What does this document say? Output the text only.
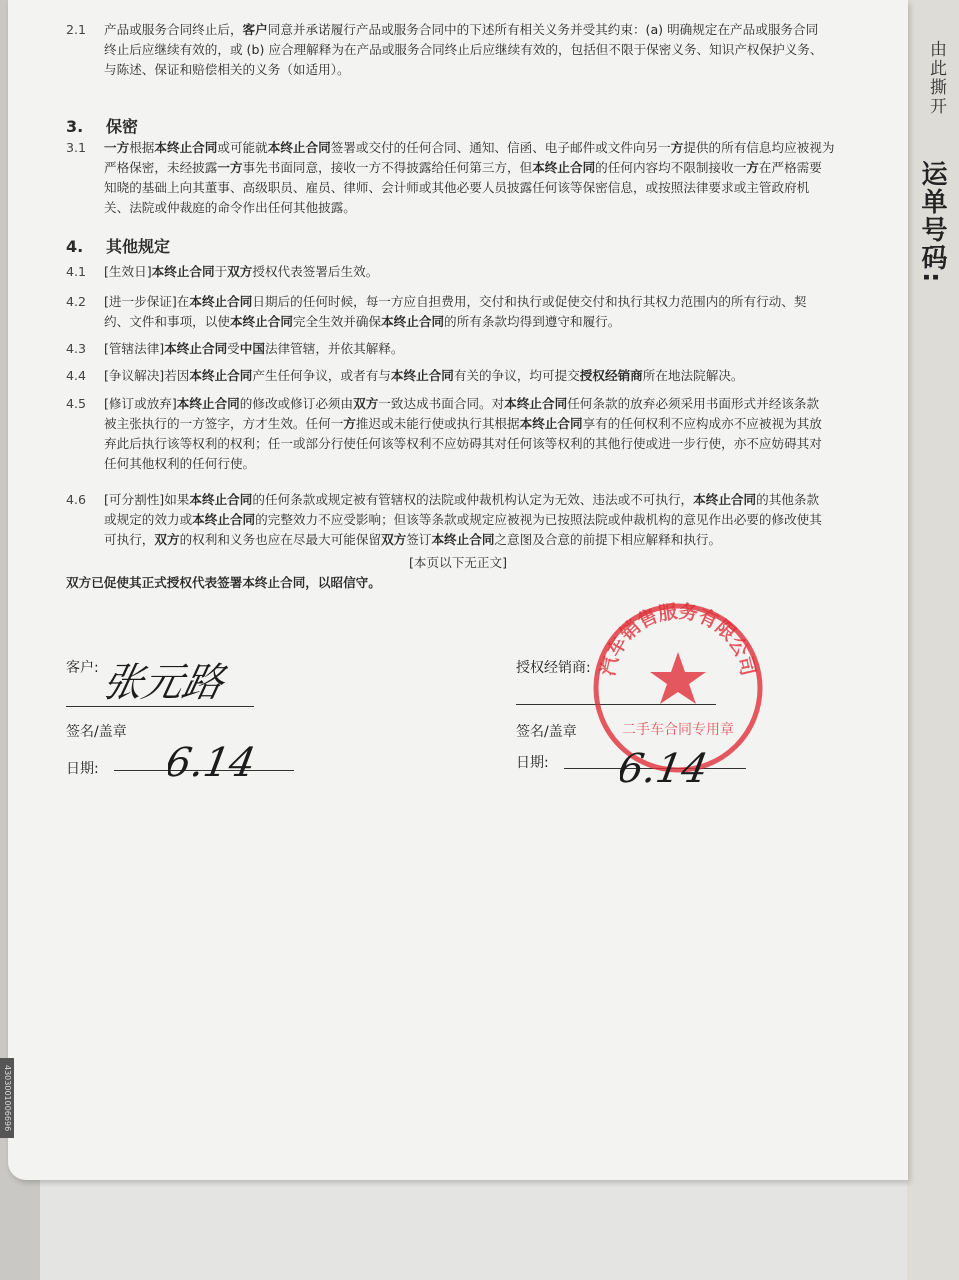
由此撕开
运单号码:
2.1	产品或服务合同终止后，客户同意并承诺履行产品或服务合同中的下述所有相关义务并受其约束：(a) 明确规定在产品或服务合同
终止后应继续有效的，或 (b) 应合理解释为在产品或服务合同终止后应继续有效的，包括但不限于保密义务、知识产权保护义务、
与陈述、保证和赔偿相关的义务（如适用）。
3. 保密
3.1	一方根据本终止合同或可能就本终止合同签署或交付的任何合同、通知、信函、电子邮件或文件向另一方提供的所有信息均应被视为
严格保密，未经披露一方事先书面同意，接收一方不得披露给任何第三方，但本终止合同的任何内容均不限制接收一方在严格需要
知晓的基础上向其董事、高级职员、雇员、律师、会计师或其他必要人员披露任何该等保密信息，或按照法律要求或主管政府机
关、法院或仲裁庭的命令作出任何其他披露。
4. 其他规定
4.1	[生效日]本终止合同于双方授权代表签署后生效。
4.2	[进一步保证]在本终止合同日期后的任何时候，每一方应自担费用，交付和执行或促使交付和执行其权力范围内的所有行动、契
约、文件和事项，以使本终止合同完全生效并确保本终止合同的所有条款均得到遵守和履行。
4.3	[管辖法律]本终止合同受中国法律管辖，并依其解释。
4.4	[争议解决]若因本终止合同产生任何争议，或者有与本终止合同有关的争议，均可提交授权经销商所在地法院解决。
4.5	[修订或放弃]本终止合同的修改或修订必须由双方一致达成书面合同。对本终止合同任何条款的放弃必须采用书面形式并经该条款
被主张执行的一方签字，方才生效。任何一方推迟或未能行使或执行其根据本终止合同享有的任何权利不应构成亦不应被视为其放
弃此后执行该等权利的权利；任一或部分行使任何该等权利不应妨碍其对任何该等权利的其他行使或进一步行使，亦不应妨碍其对
任何其他权利的任何行使。
4.6	[可分割性]如果本终止合同的任何条款或规定被有管辖权的法院或仲裁机构认定为无效、违法或不可执行，本终止合同的其他条款
或规定的效力或本终止合同的完整效力不应受影响；但该等条款或规定应被视为已按照法院或仲裁机构的意见作出必要的修改使其
可执行，双方的权利和义务也应在尽最大可能保留双方签订本终止合同之意图及合意的前提下相应解释和执行。
[本页以下无正文]
双方已促使其正式授权代表签署本终止合同，以昭信守。
客户:
签名/盖章
日期:
张元路
6.14
授权经销商:
签名/盖章
日期:
汽车销售服务有限公司
二手车合同专用章
6.14
4303001006696
